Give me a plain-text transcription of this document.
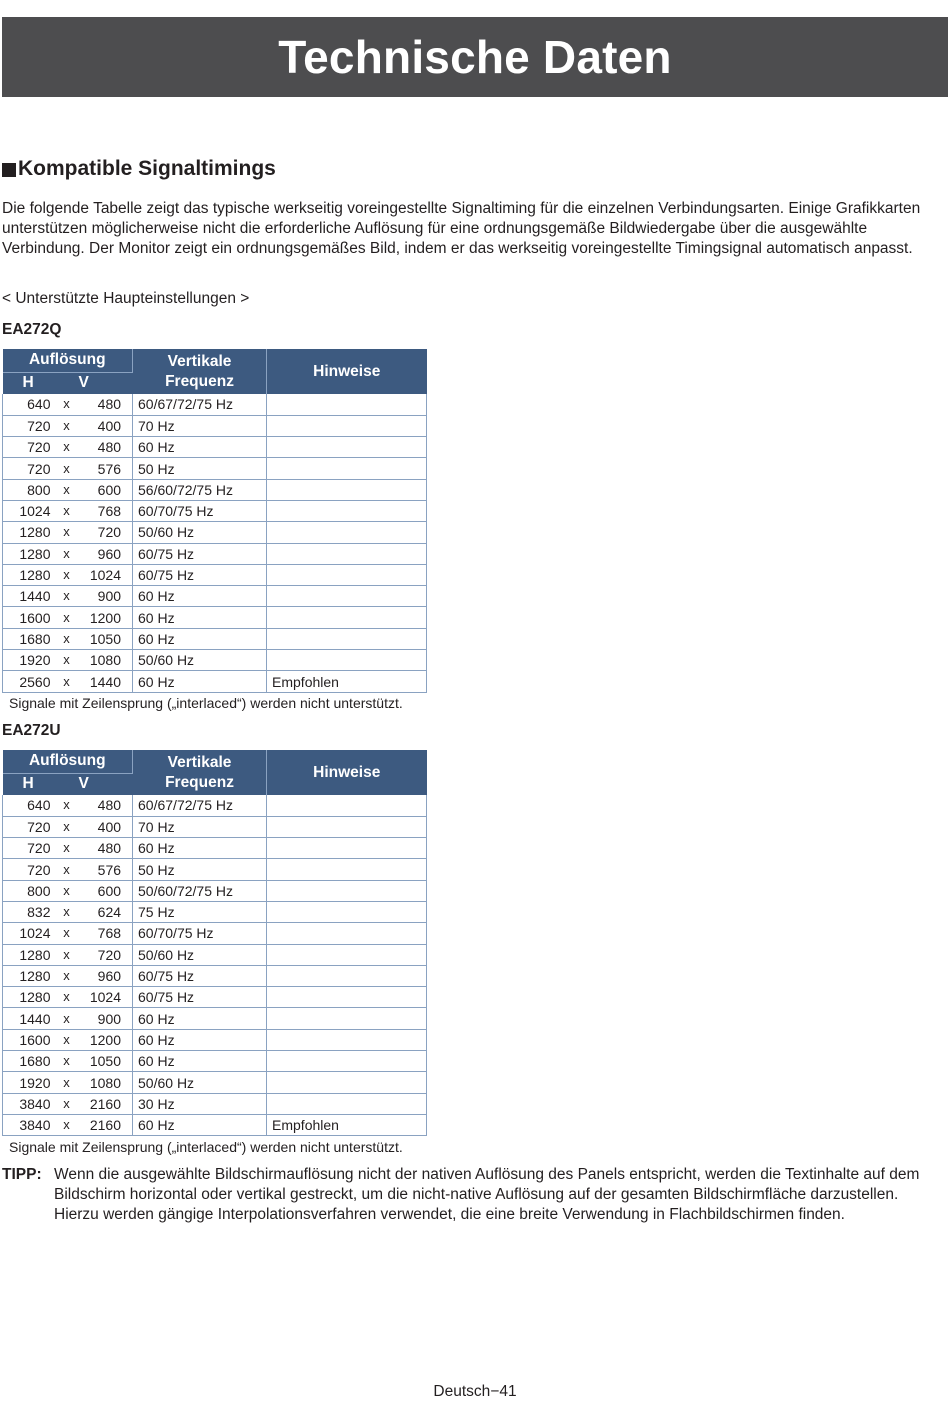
Technische Daten
Kompatible Signaltimings

Die folgende Tabelle zeigt das typische werkseitig voreingestellte Signaltiming für die einzelnen Verbindungsarten. Einige Grafikkarten unterstützen möglicherweise nicht die erforderliche Auflösung für eine ordnungsgemäße Bildwiedergabe über die ausgewählte Verbindung. Der Monitor zeigt ein ordnungsgemäßes Bild, indem er das werkseitig voreingestellte Timingsignal automatisch anpasst.

< Unterstützte Haupteinstellungen >
EA272Q
Auflösung			Vertikale
Frequenz	Hinweise
H		V		
640	x	480	60/67/72/75 Hz	
720	x	400	70 Hz	
720	x	480	60 Hz	
720	x	576	50 Hz	
800	x	600	56/60/72/75 Hz	
1024	x	768	60/70/75 Hz	
1280	x	720	50/60 Hz	
1280	x	960	60/75 Hz	
1280	x	1024	60/75 Hz	
1440	x	900	60 Hz	
1600	x	1200	60 Hz	
1680	x	1050	60 Hz	
1920	x	1080	50/60 Hz	
2560	x	1440	60 Hz	Empfohlen
Signale mit Zeilensprung („interlaced“) werden nicht unterstützt.
EA272U
Auflösung			Vertikale
Frequenz	Hinweise
H		V		
640	x	480	60/67/72/75 Hz	
720	x	400	70 Hz	
720	x	480	60 Hz	
720	x	576	50 Hz	
800	x	600	50/60/72/75 Hz	
832	x	624	75 Hz	
1024	x	768	60/70/75 Hz	
1280	x	720	50/60 Hz	
1280	x	960	60/75 Hz	
1280	x	1024	60/75 Hz	
1440	x	900	60 Hz	
1600	x	1200	60 Hz	
1680	x	1050	60 Hz	
1920	x	1080	50/60 Hz	
3840	x	2160	30 Hz	
3840	x	2160	60 Hz	Empfohlen
Signale mit Zeilensprung („interlaced“) werden nicht unterstützt.
TIPP: Wenn die ausgewählte Bildschirmauflösung nicht der nativen Auflösung des Panels entspricht, werden die Textinhalte auf dem Bildschirm horizontal oder vertikal gestreckt, um die nicht-native Auflösung auf der gesamten Bildschirmfläche darzustellen. Hierzu werden gängige Interpolationsverfahren verwendet, die eine breite Verwendung in Flachbildschirmen finden.
Deutsch−41
